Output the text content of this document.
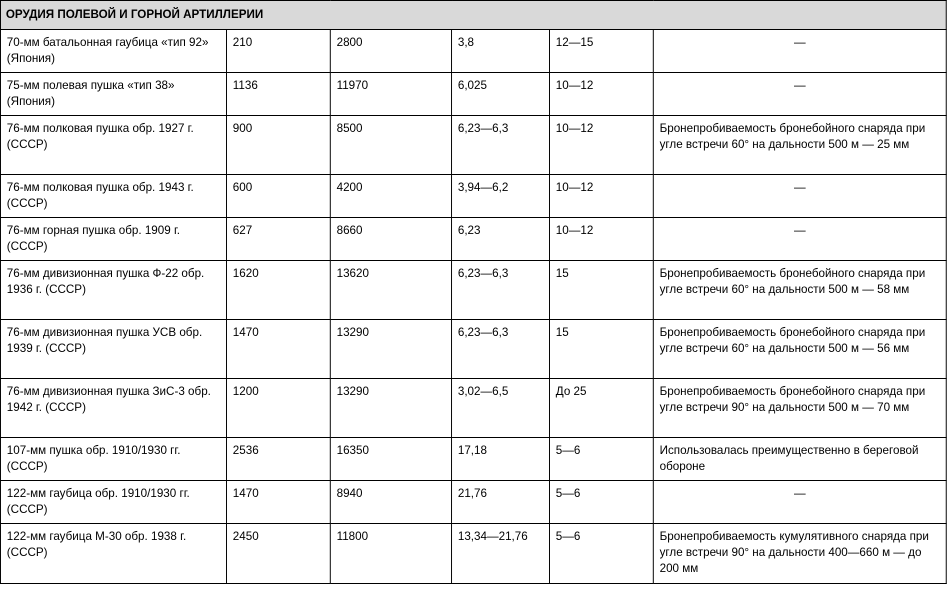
ОРУДИЯ ПОЛЕВОЙ И ГОРНОЙ АРТИЛЛЕРИИ					
70-мм батальонная гаубица «тип 92» (Япония)	210	2800	3,8	12—15	—
75-мм полевая пушка «тип 38» (Япония)	1136	11970	6,025	10—12	—
76-мм полковая пушка обр. 1927 г. (СССР)	900	8500	6,23—6,3	10—12	Бронепробиваемость бронебойного снаряда при угле встречи 60° на дальности 500 м — 25 мм
76-мм полковая пушка обр. 1943 г. (СССР)	600	4200	3,94—6,2	10—12	—
76-мм горная пушка обр. 1909 г. (СССР)	627	8660	6,23	10—12	—
76-мм дивизионная пушка Ф-22 обр. 1936 г. (СССР)	1620	13620	6,23—6,3	15	Бронепробиваемость бронебойного снаряда при угле встречи 60° на дальности 500 м — 58 мм
76-мм дивизионная пушка УСВ обр. 1939 г. (СССР)	1470	13290	6,23—6,3	15	Бронепробиваемость бронебойного снаряда при угле встречи 60° на дальности 500 м — 56 мм
76-мм дивизионная пушка ЗиС-3 обр. 1942 г. (СССР)	1200	13290	3,02—6,5	До 25	Бронепробиваемость бронебойного снаряда при угле встречи 90° на дальности 500 м — 70 мм
107-мм пушка обр. 1910/1930 гг. (СССР)	2536	16350	17,18	5—6	Использовалась преимущественно в береговой обороне
122-мм гаубица обр. 1910/1930 гг. (СССР)	1470	8940	21,76	5—6	—
122-мм гаубица М-30 обр. 1938 г. (СССР)	2450	11800	13,34—21,76	5—6	Бронепробиваемость кумулятивного снаряда при угле встречи 90° на дальности 400—660 м — до 200 мм
